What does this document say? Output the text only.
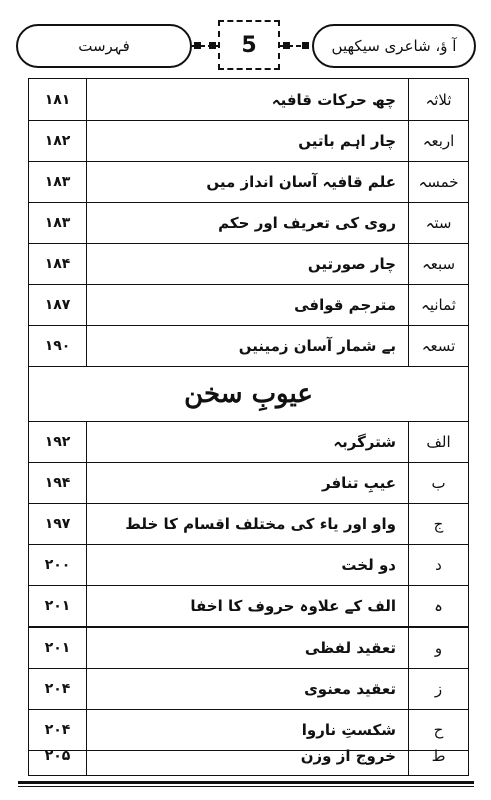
فہرست	5	آ ؤ، شاعری سیکھیں
۱۸۱	چھ حرکات قافیہ	ثلاثہ
۱۸۲	چار اہم باتیں	اربعہ
۱۸۳	علم قافیہ آسان انداز میں	خمسہ
۱۸۳	روی کی تعریف اور حکم	ستہ
۱۸۴	چار صورتیں	سبعہ
۱۸۷	مترجم قوافی	ثمانیہ
۱۹۰	بے شمار آسان زمینیں	تسعہ
عیوبِ سخن
۱۹۲	شترگربہ	الف
۱۹۴	عیبِ تنافر	ب
۱۹۷	واو اور یاء کی مختلف اقسام کا خلط	ج
۲۰۰	دو لخت	د
۲۰۱	الف کے علاوہ حروف کا اخفا	ہ
۲۰۱	تعقید لفظی	و
۲۰۴	تعقید معنوی	ز
۲۰۴	شکستِ ناروا	ح
۲۰۵	خروج از وزن	ط
